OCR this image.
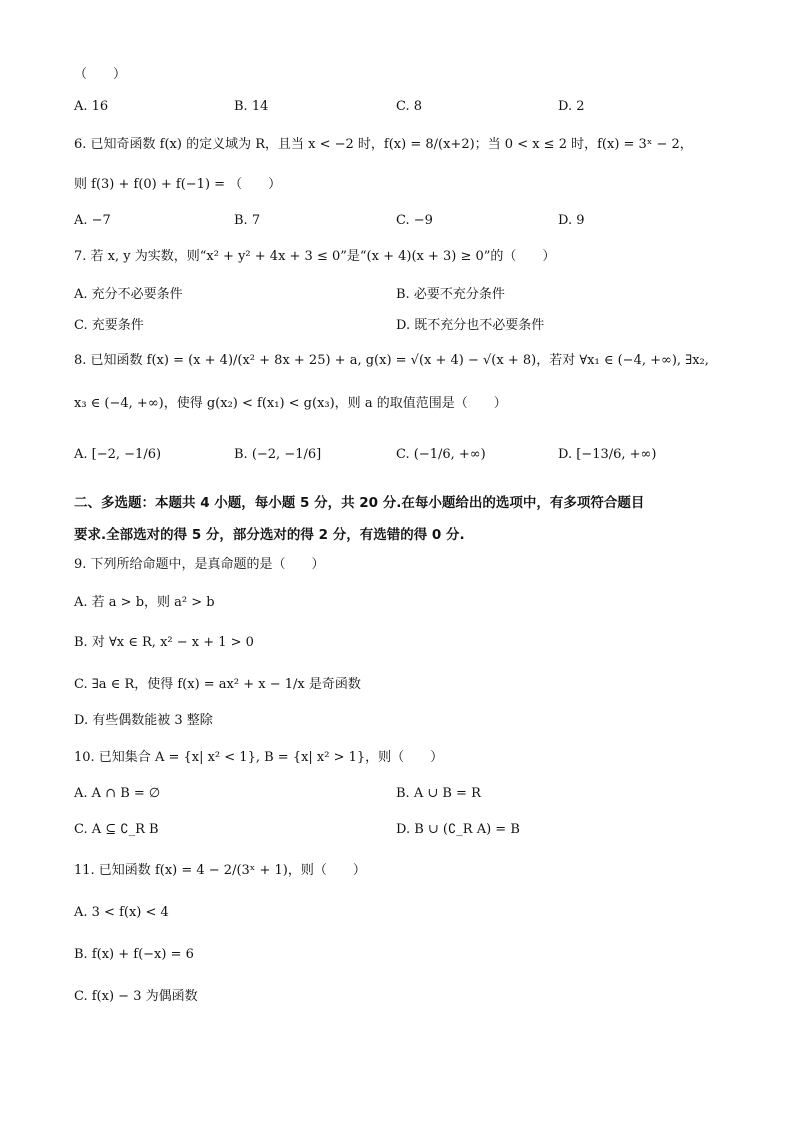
（　　）
A. 16	B. 14	C. 8	D. 2
6. 已知奇函数 f(x) 的定义域为 R，且当 x < −2 时，f(x) = 8/(x+2)；当 0 < x ≤ 2 时，f(x) = 3ˣ − 2，
则 f(3) + f(0) + f(−1) = （　　）
A. −7	B. 7	C. −9	D. 9
7. 若 x, y 为实数，则“x² + y² + 4x + 3 ≤ 0”是“(x + 4)(x + 3) ≥ 0”的（　　）
A. 充分不必要条件	B. 必要不充分条件
C. 充要条件	D. 既不充分也不必要条件
8. 已知函数 f(x) = (x + 4)/(x² + 8x + 25) + a, g(x) = √(x + 4) − √(x + 8)，若对 ∀x₁ ∈ (−4, +∞), ∃x₂,
x₃ ∈ (−4, +∞)，使得 g(x₂) < f(x₁) < g(x₃)，则 a 的取值范围是（　　）
A. [−2, −1/6)	B. (−2, −1/6]	C. (−1/6, +∞)	D. [−13/6, +∞)
二、多选题：本题共 4 小题，每小题 5 分，共 20 分.在每小题给出的选项中，有多项符合题目
要求.全部选对的得 5 分，部分选对的得 2 分，有选错的得 0 分.
9. 下列所给命题中，是真命题的是（　　）
A. 若 a > b，则 a² > b
B. 对 ∀x ∈ R, x² − x + 1 > 0
C. ∃a ∈ R，使得 f(x) = ax² + x − 1/x 是奇函数
D. 有些偶数能被 3 整除
10. 已知集合 A = {x| x² < 1}, B = {x| x² > 1}，则（　　）
A. A ∩ B = ∅	B. A ∪ B = R
C. A ⊆ ∁_R B	D. B ∪ (∁_R A) = B
11. 已知函数 f(x) = 4 − 2/(3ˣ + 1)，则（　　）
A. 3 < f(x) < 4
B. f(x) + f(−x) = 6
C. f(x) − 3 为偶函数
